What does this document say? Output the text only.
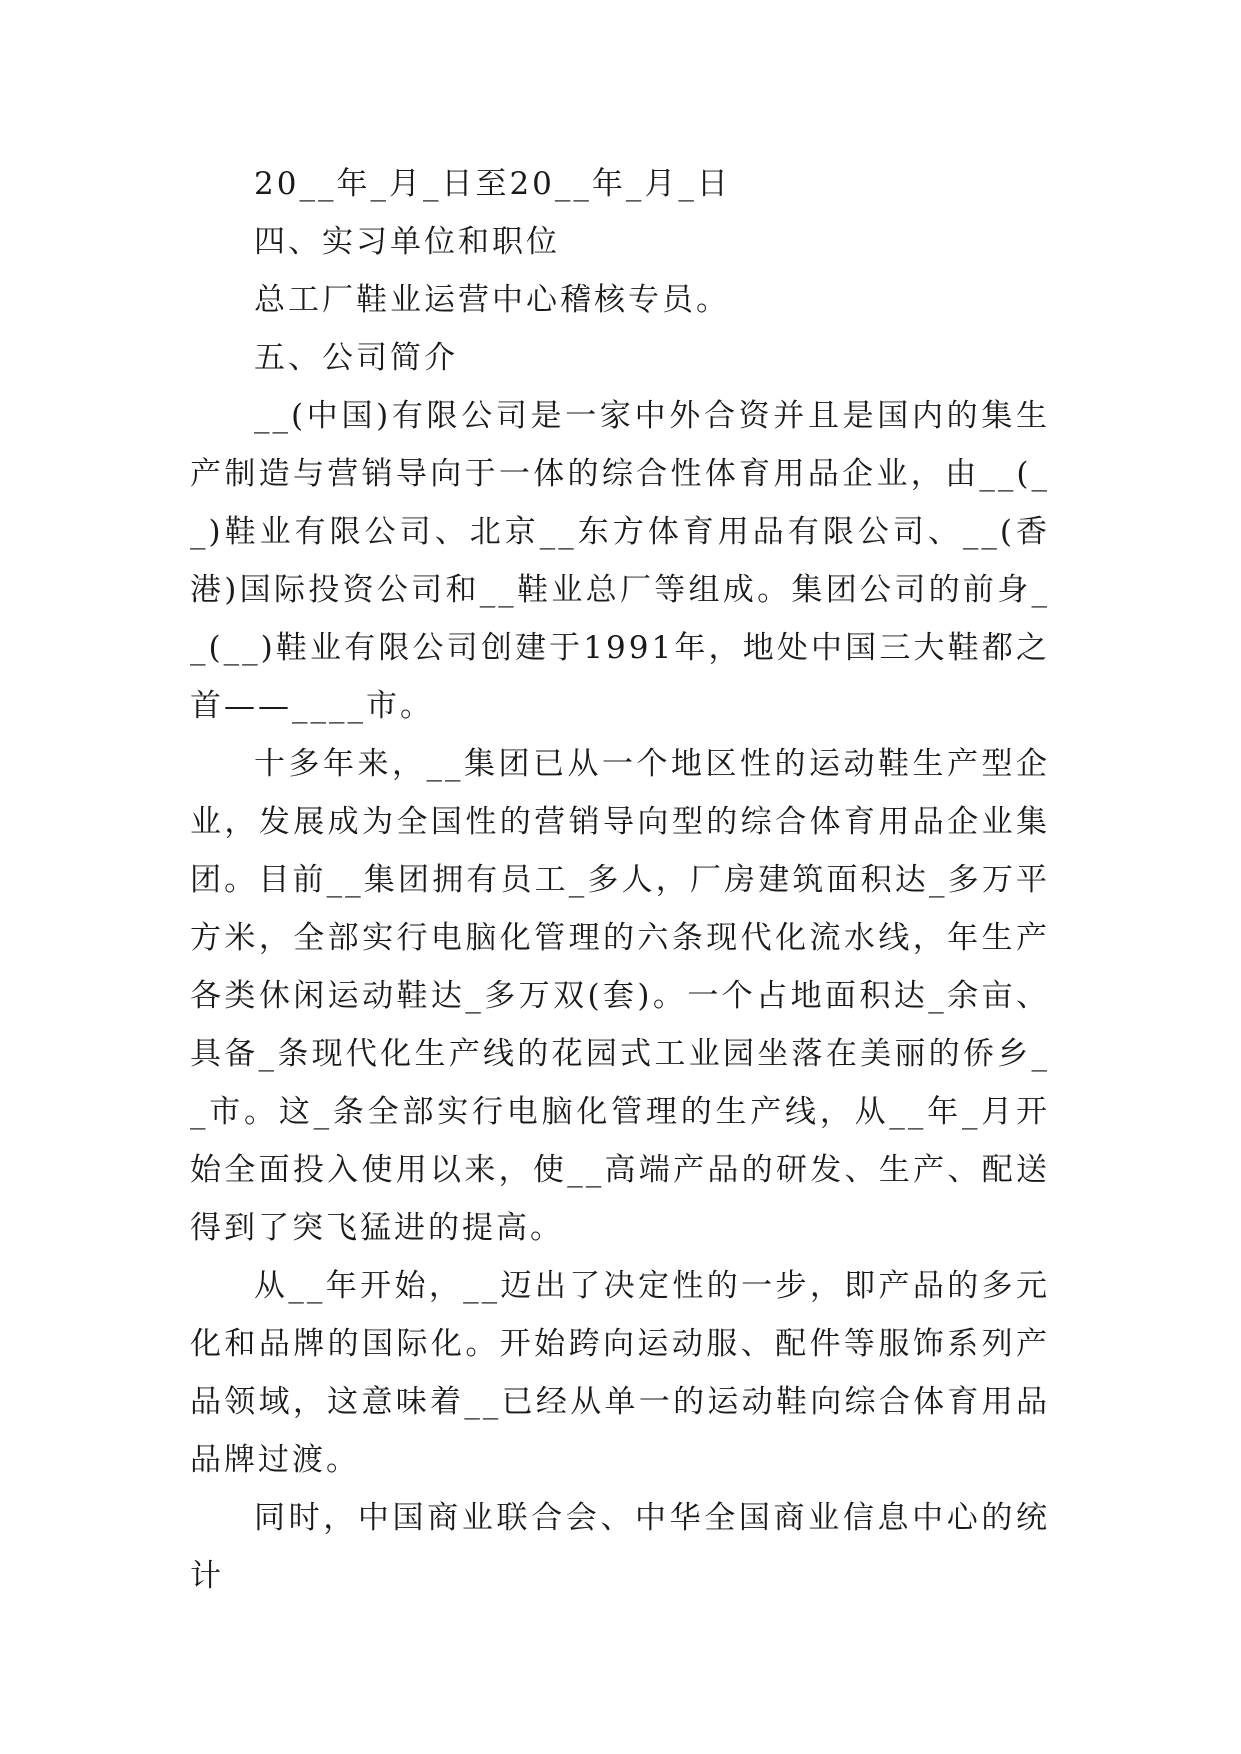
20__年_月_日至20__年_月_日
四、实习单位和职位
总工厂鞋业运营中心稽核专员。
五、公司简介

__(中国)有限公司是一家中外合资并且是国内的集生产制造与营销导向于一体的综合性体育用品企业，由__(__)鞋业有限公司、北京__东方体育用品有限公司、__(香港)国际投资公司和__鞋业总厂等组成。集团公司的前身__(__)鞋业有限公司创建于1991年，地处中国三大鞋都之首——____市。

十多年来，__集团已从一个地区性的运动鞋生产型企业，发展成为全国性的营销导向型的综合体育用品企业集团。目前__集团拥有员工_多人，厂房建筑面积达_多万平方米，全部实行电脑化管理的六条现代化流水线，年生产各类休闲运动鞋达_多万双(套)。一个占地面积达_余亩、具备_条现代化生产线的花园式工业园坐落在美丽的侨乡__市。这_条全部实行电脑化管理的生产线，从__年_月开始全面投入使用以来，使__高端产品的研发、生产、配送得到了突飞猛进的提高。

从__年开始，__迈出了决定性的一步，即产品的多元化和品牌的国际化。开始跨向运动服、配件等服饰系列产品领域，这意味着__已经从单一的运动鞋向综合体育用品品牌过渡。

同时，中国商业联合会、中华全国商业信息中心的统计
